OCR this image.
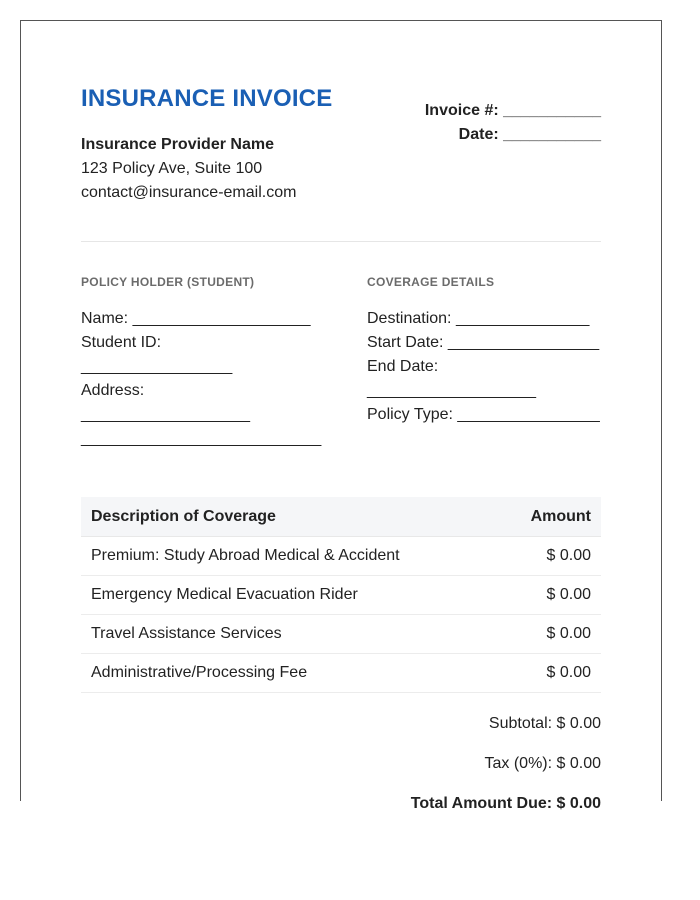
INSURANCE INVOICE	Invoice #: ___________
Date: ___________
Insurance Provider Name
123 Policy Ave, Suite 100
contact@insurance-email.com
POLICY HOLDER (STUDENT)	COVERAGE DETAILS
Name: ____________________
Student ID:
_________________
Address:
___________________
___________________________
Destination: _______________
Start Date: _________________
End Date:
___________________
Policy Type: ________________
Description of Coverage	Amount
Premium: Study Abroad Medical & Accident	$ 0.00
Emergency Medical Evacuation Rider	$ 0.00
Travel Assistance Services	$ 0.00
Administrative/Processing Fee	$ 0.00
Subtotal: $ 0.00
Tax (0%): $ 0.00
Total Amount Due: $ 0.00
